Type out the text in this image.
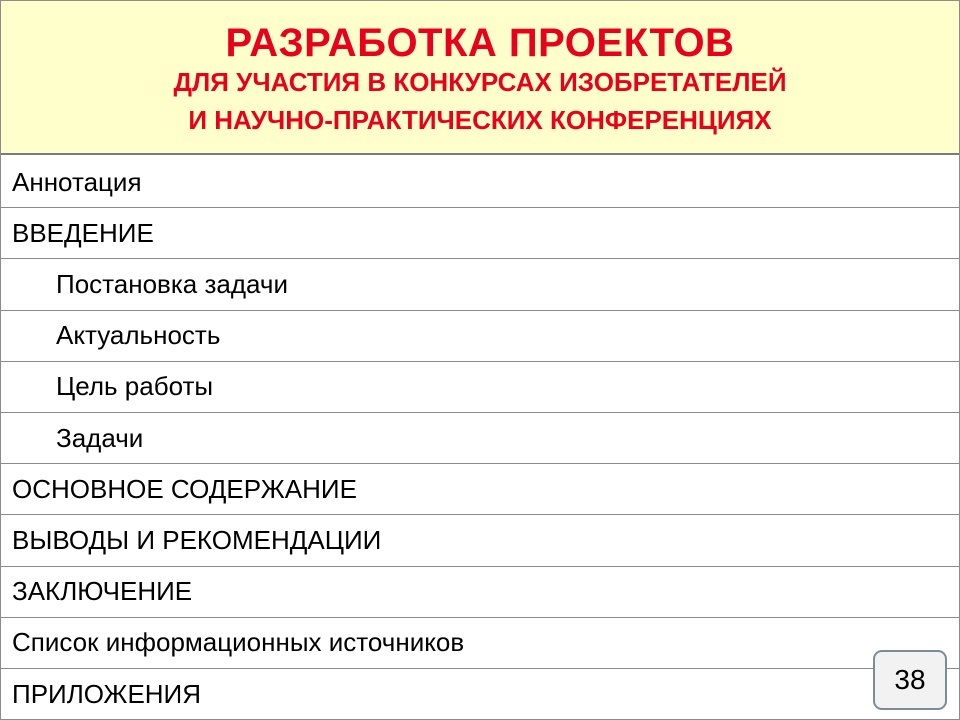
РАЗРАБОТКА ПРОЕКТОВ
ДЛЯ УЧАСТИЯ В КОНКУРСАХ ИЗОБРЕТАТЕЛЕЙ
И НАУЧНО-ПРАКТИЧЕСКИХ КОНФЕРЕНЦИЯХ
Аннотация
ВВЕДЕНИЕ
Постановка задачи
Актуальность
Цель работы
Задачи
ОСНОВНОЕ СОДЕРЖАНИЕ
ВЫВОДЫ И РЕКОМЕНДАЦИИ
ЗАКЛЮЧЕНИЕ
Список информационных источников
ПРИЛОЖЕНИЯ	38
